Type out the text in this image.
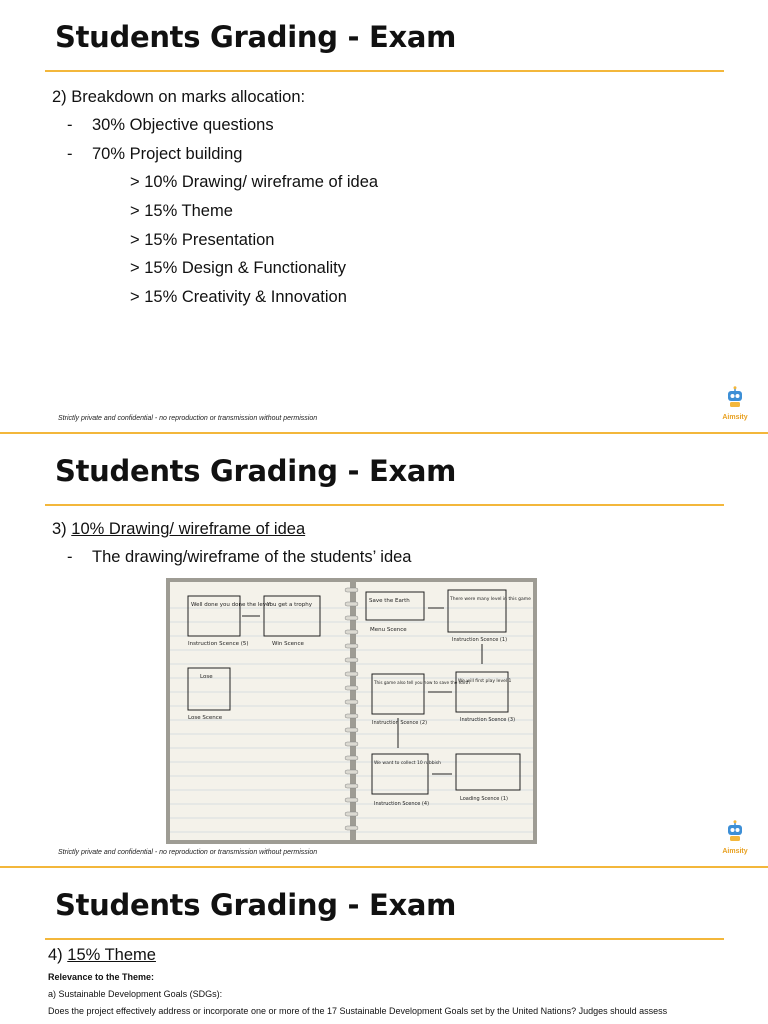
Students Grading - Exam
2) Breakdown on marks allocation:
- 30% Objective questions
- 70% Project building
> 10% Drawing/ wireframe of idea
> 15% Theme
> 15% Presentation
> 15% Design & Functionality
> 15% Creativity & Innovation
Strictly private and confidential - no reproduction or transmission without permission	Aimsity
Students Grading - Exam
3) 10% Drawing/ wireframe of idea
- The drawing/wireframe of the students’ idea
Well done you done the level
Instruction Scence (5)
You get a trophy
Win Scence
Lose
Lose Scence
Save the Earth
Menu Scence
There were many level in this game
Instruction Scence (1)
This game also tell you how to save the earth
Instruction Scence (2)
We will first play level 1
Instruction Scence (3)
We want to collect 10 rubbish
Instruction Scence (4)
Loading Scence (1)
Strictly private and confidential - no reproduction or transmission without permission	Aimsity
Students Grading - Exam
4) 15% Theme
Relevance to the Theme:
a) Sustainable Development Goals (SDGs):
Does the project effectively address or incorporate one or more of the 17 Sustainable Development Goals set by the United Nations? Judges should assess
